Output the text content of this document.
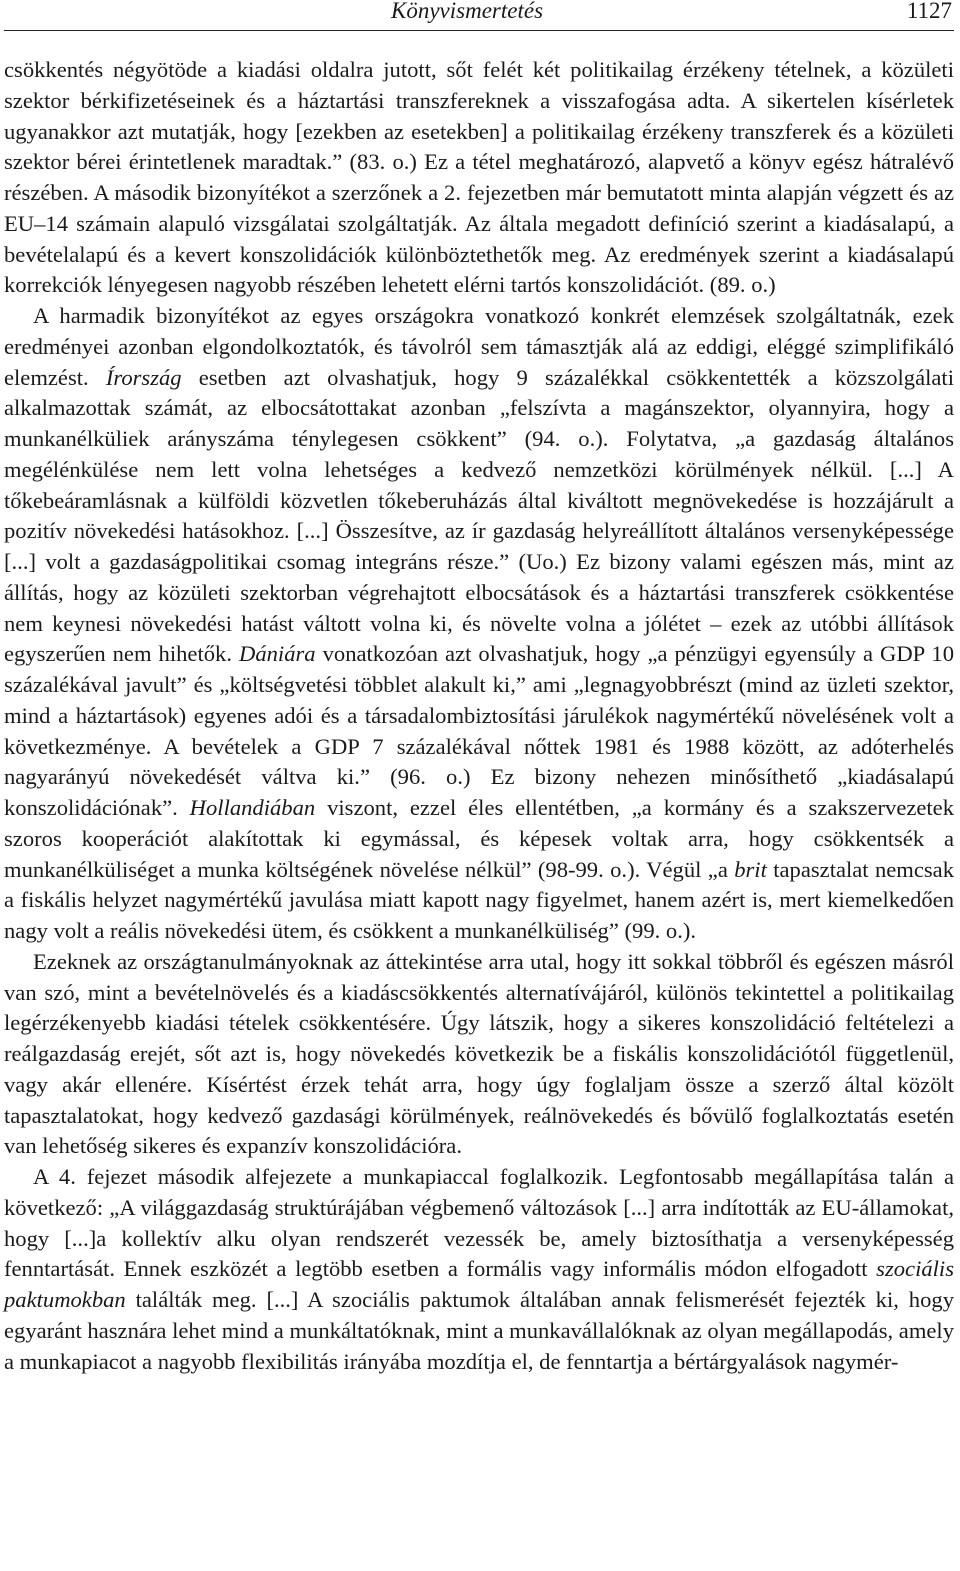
Könyvismertetés	1127

csökkentés négyötöde a kiadási oldalra jutott, sőt felét két politikailag érzékeny tételnek, a közületi szektor bérkifizetéseinek és a háztartási transzfereknek a visszafogása adta. A sikertelen kísérletek ugyanakkor azt mutatják, hogy [ezekben az esetekben] a politikailag érzékeny transzferek és a közületi szektor bérei érintetlenek maradtak.” (83. o.) Ez a tétel meghatározó, alapvető a könyv egész hátralévő részében. A második bizonyítékot a szerzőnek a 2. fejezetben már bemutatott minta alapján végzett és az EU–14 számain alapuló vizsgálatai szolgáltatják. Az általa megadott definíció szerint a kiadásalapú, a bevételalapú és a kevert konszolidációk különböztethetők meg. Az eredmények szerint a kiadásalapú korrekciók lényegesen nagyobb részében lehetett elérni tartós konszolidációt. (89. o.)

A harmadik bizonyítékot az egyes országokra vonatkozó konkrét elemzések szolgáltatnák, ezek eredményei azonban elgondolkoztatók, és távolról sem támasztják alá az eddigi, eléggé szimplifikáló elemzést. Írország esetben azt olvashatjuk, hogy 9 százalékkal csökkentették a közszolgálati alkalmazottak számát, az elbocsátottakat azonban „felszívta a magánszektor, olyannyira, hogy a munkanélküliek arányszáma ténylegesen csökkent” (94. o.). Folytatva, „a gazdaság általános megélénkülése nem lett volna lehetséges a kedvező nemzetközi körülmények nélkül. [...] A tőkebeáramlásnak a külföldi közvetlen tőkeberuházás által kiváltott megnövekedése is hozzájárult a pozitív növekedési hatásokhoz. [...] Összesítve, az ír gazdaság helyreállított általános versenyképessége [...] volt a gazdaságpolitikai csomag integráns része.” (Uo.) Ez bizony valami egészen más, mint az állítás, hogy az közületi szektorban végrehajtott elbocsátások és a háztartási transzferek csökkentése nem keynesi növekedési hatást váltott volna ki, és növelte volna a jólétet – ezek az utóbbi állítások egyszerűen nem hihetők. Dániára vonatkozóan azt olvashatjuk, hogy „a pénzügyi egyensúly a GDP 10 százalékával javult” és „költségvetési többlet alakult ki,” ami „legnagyobbrészt (mind az üzleti szektor, mind a háztartások) egyenes adói és a társadalombiztosítási járulékok nagymértékű növelésének volt a következménye. A bevételek a GDP 7 százalékával nőttek 1981 és 1988 között, az adóterhelés nagyarányú növekedését váltva ki.” (96. o.) Ez bizony nehezen minősíthető „kiadásalapú konszolidációnak”. Hollandiában viszont, ezzel éles ellentétben, „a kormány és a szakszervezetek szoros kooperációt alakítottak ki egymással, és képesek voltak arra, hogy csökkentsék a munkanélküliséget a munka költségének növelése nélkül” (98-99. o.). Végül „a brit tapasztalat nemcsak a fiskális helyzet nagymértékű javulása miatt kapott nagy figyelmet, hanem azért is, mert kiemelkedően nagy volt a reális növekedési ütem, és csökkent a munkanélküliség” (99. o.).

Ezeknek az országtanulmányoknak az áttekintése arra utal, hogy itt sokkal többről és egészen másról van szó, mint a bevételnövelés és a kiadáscsökkentés alternatívájáról, különös tekintettel a politikailag legérzékenyebb kiadási tételek csökkentésére. Úgy látszik, hogy a sikeres konszolidáció feltételezi a reálgazdaság erejét, sőt azt is, hogy növekedés következik be a fiskális konszolidációtól függetlenül, vagy akár ellenére. Kísértést érzek tehát arra, hogy úgy foglaljam össze a szerző által közölt tapasztalatokat, hogy kedvező gazdasági körülmények, reálnövekedés és bővülő foglalkoztatás esetén van lehetőség sikeres és expanzív konszolidációra.

A 4. fejezet második alfejezete a munkapiaccal foglalkozik. Legfontosabb megállapítása talán a következő: „A világgazdaság struktúrájában végbemenő változások [...] arra indították az EU-államokat, hogy [...]a kollektív alku olyan rendszerét vezessék be, amely biztosíthatja a versenyképesség fenntartását. Ennek eszközét a legtöbb esetben a formális vagy informális módon elfogadott szociális paktumokban találták meg. [...] A szociális paktumok általában annak felismerését fejezték ki, hogy egyaránt hasznára lehet mind a munkáltatóknak, mint a munkavállalóknak az olyan megállapodás, amely a munkapiacot a nagyobb flexibilitás irányába mozdítja el, de fenntartja a bértárgyalások nagymér-
